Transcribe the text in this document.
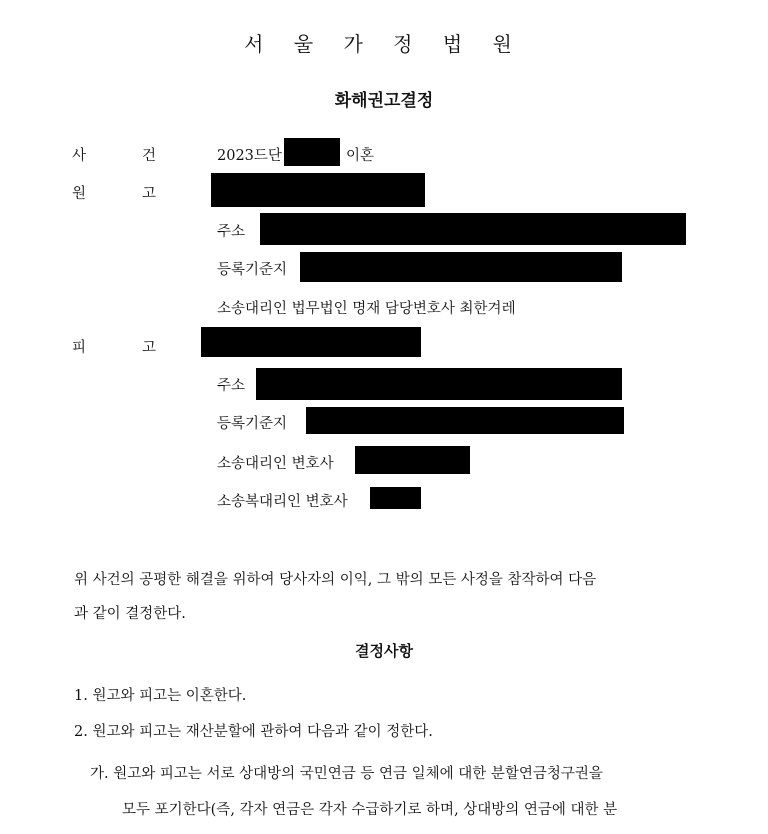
서 울 가 정 법 원
화해권고결정
사	건	2023드단	이혼
원	고
주소
등록기준지
소송대리인 법무법인 명재 담당변호사 최한겨레
피	고
주소
등록기준지
소송대리인 변호사
소송복대리인 변호사
위 사건의 공평한 해결을 위하여 당사자의 이익, 그 밖의 모든 사정을 참작하여 다음
과 같이 결정한다.
결정사항
1. 원고와 피고는 이혼한다.
2. 원고와 피고는 재산분할에 관하여 다음과 같이 정한다.
가. 원고와 피고는 서로 상대방의 국민연금 등 연금 일체에 대한 분할연금청구권을
모두 포기한다(즉, 각자 연금은 각자 수급하기로 하며, 상대방의 연금에 대한 분
